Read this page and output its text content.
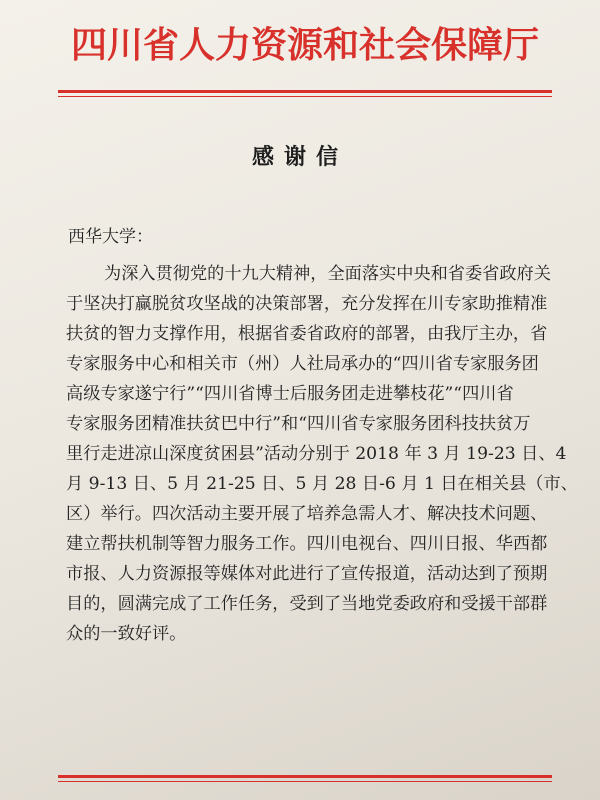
四川省人力资源和社会保障厅
感谢信
西华大学：
为深入贯彻党的十九大精神，全面落实中央和省委省政府关
于坚决打赢脱贫攻坚战的决策部署，充分发挥在川专家助推精准
扶贫的智力支撑作用，根据省委省政府的部署，由我厅主办，省
专家服务中心和相关市（州）人社局承办的“四川省专家服务团
高级专家遂宁行”“四川省博士后服务团走进攀枝花”“四川省
专家服务团精准扶贫巴中行”和“四川省专家服务团科技扶贫万
里行走进凉山深度贫困县”活动分别于 2018 年 3 月 19-23 日、4
月 9-13 日、5 月 21-25 日、5 月 28 日-6 月 1 日在相关县（市、
区）举行。四次活动主要开展了培养急需人才、解决技术问题、
建立帮扶机制等智力服务工作。四川电视台、四川日报、华西都
市报、人力资源报等媒体对此进行了宣传报道，活动达到了预期
目的，圆满完成了工作任务，受到了当地党委政府和受援干部群
众的一致好评。
